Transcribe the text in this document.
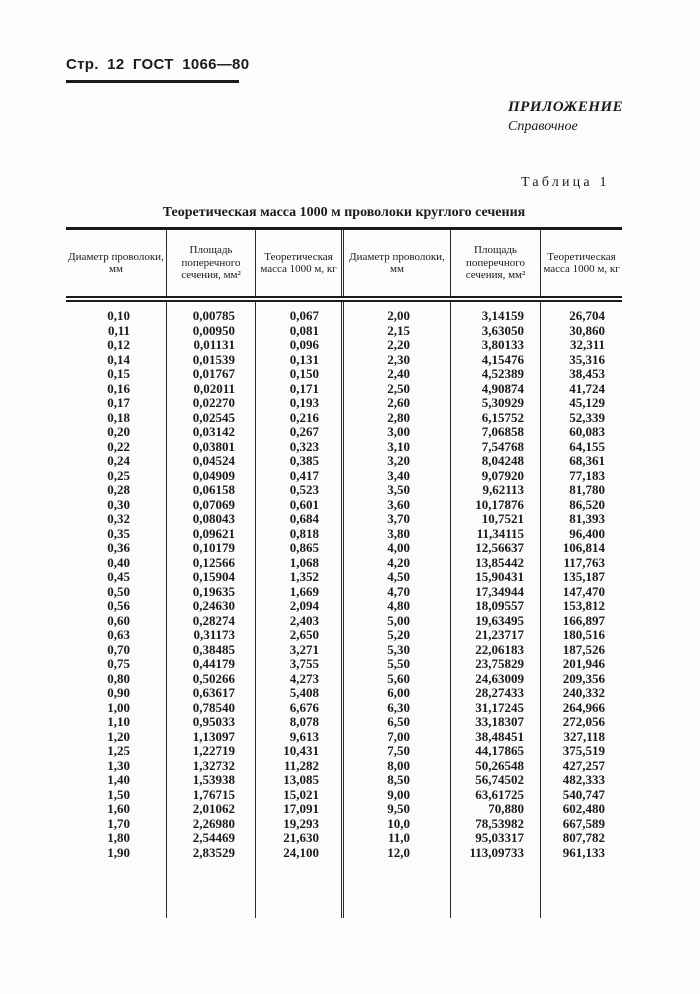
Стр. 12 ГОСТ 1066—80
ПРИЛОЖЕНИЕ
Справочное
Таблица 1
Теоретическая масса 1000 м проволоки круглого сечения
Диаметр проволоки, мм
Площадь поперечного сечения, мм²
Теоретическая масса 1000 м, кг
Диаметр проволоки, мм
Площадь поперечного сечения, мм²
Теоретическая масса 1000 м, кг
0,10	0,00785	0,067	2,00	3,14159	26,704
0,11	0,00950	0,081	2,15	3,63050	30,860
0,12	0,01131	0,096	2,20	3,80133	32,311
0,14	0,01539	0,131	2,30	4,15476	35,316
0,15	0,01767	0,150	2,40	4,52389	38,453
0,16	0,02011	0,171	2,50	4,90874	41,724
0,17	0,02270	0,193	2,60	5,30929	45,129
0,18	0,02545	0,216	2,80	6,15752	52,339
0,20	0,03142	0,267	3,00	7,06858	60,083
0,22	0,03801	0,323	3,10	7,54768	64,155
0,24	0,04524	0,385	3,20	8,04248	68,361
0,25	0,04909	0,417	3,40	9,07920	77,183
0,28	0,06158	0,523	3,50	9,62113	81,780
0,30	0,07069	0,601	3,60	10,17876	86,520
0,32	0,08043	0,684	3,70	10,7521	81,393
0,35	0,09621	0,818	3,80	11,34115	96,400
0,36	0,10179	0,865	4,00	12,56637	106,814
0,40	0,12566	1,068	4,20	13,85442	117,763
0,45	0,15904	1,352	4,50	15,90431	135,187
0,50	0,19635	1,669	4,70	17,34944	147,470
0,56	0,24630	2,094	4,80	18,09557	153,812
0,60	0,28274	2,403	5,00	19,63495	166,897
0,63	0,31173	2,650	5,20	21,23717	180,516
0,70	0,38485	3,271	5,30	22,06183	187,526
0,75	0,44179	3,755	5,50	23,75829	201,946
0,80	0,50266	4,273	5,60	24,63009	209,356
0,90	0,63617	5,408	6,00	28,27433	240,332
1,00	0,78540	6,676	6,30	31,17245	264,966
1,10	0,95033	8,078	6,50	33,18307	272,056
1,20	1,13097	9,613	7,00	38,48451	327,118
1,25	1,22719	10,431	7,50	44,17865	375,519
1,30	1,32732	11,282	8,00	50,26548	427,257
1,40	1,53938	13,085	8,50	56,74502	482,333
1,50	1,76715	15,021	9,00	63,61725	540,747
1,60	2,01062	17,091	9,50	70,880	602,480
1,70	2,26980	19,293	10,0	78,53982	667,589
1,80	2,54469	21,630	11,0	95,03317	807,782
1,90	2,83529	24,100	12,0	113,09733	961,133
